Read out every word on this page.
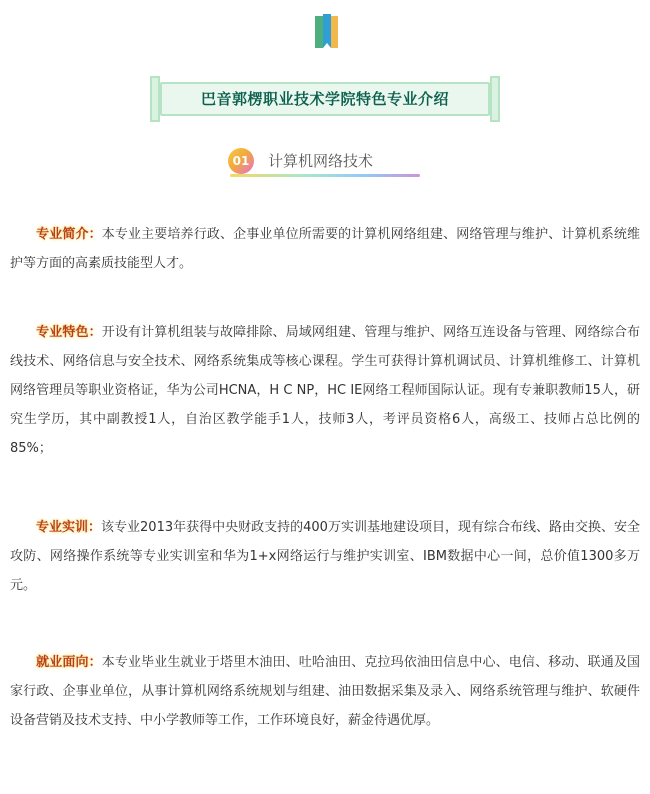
巴音郭楞职业技术学院特色专业介绍
01	计算机网络技术
专业简介：本专业主要培养行政、企事业单位所需要的计算机网络组建、网络管理与维护、计算机系统维护等方面的高素质技能型人才。
专业特色：开设有计算机组装与故障排除、局域网组建、管理与维护、网络互连设备与管理、网络综合布线技术、网络信息与安全技术、网络系统集成等核心课程。学生可获得计算机调试员、计算机维修工、计算机网络管理员等职业资格证，华为公司HCNA，H C NP，HC IE网络工程师国际认证。现有专兼职教师15人，研究生学历，其中副教授1人，自治区教学能手1人，技师3人，考评员资格6人，高级工、技师占总比例的85%；
专业实训：该专业2013年获得中央财政支持的400万实训基地建设项目，现有综合布线、路由交换、安全攻防、网络操作系统等专业实训室和华为1+x网络运行与维护实训室、IBM数据中心一间，总价值1300多万元。
就业面向：本专业毕业生就业于塔里木油田、吐哈油田、克拉玛依油田信息中心、电信、移动、联通及国家行政、企事业单位，从事计算机网络系统规划与组建、油田数据采集及录入、网络系统管理与维护、软硬件设备营销及技术支持、中小学教师等工作，工作环境良好，薪金待遇优厚。
